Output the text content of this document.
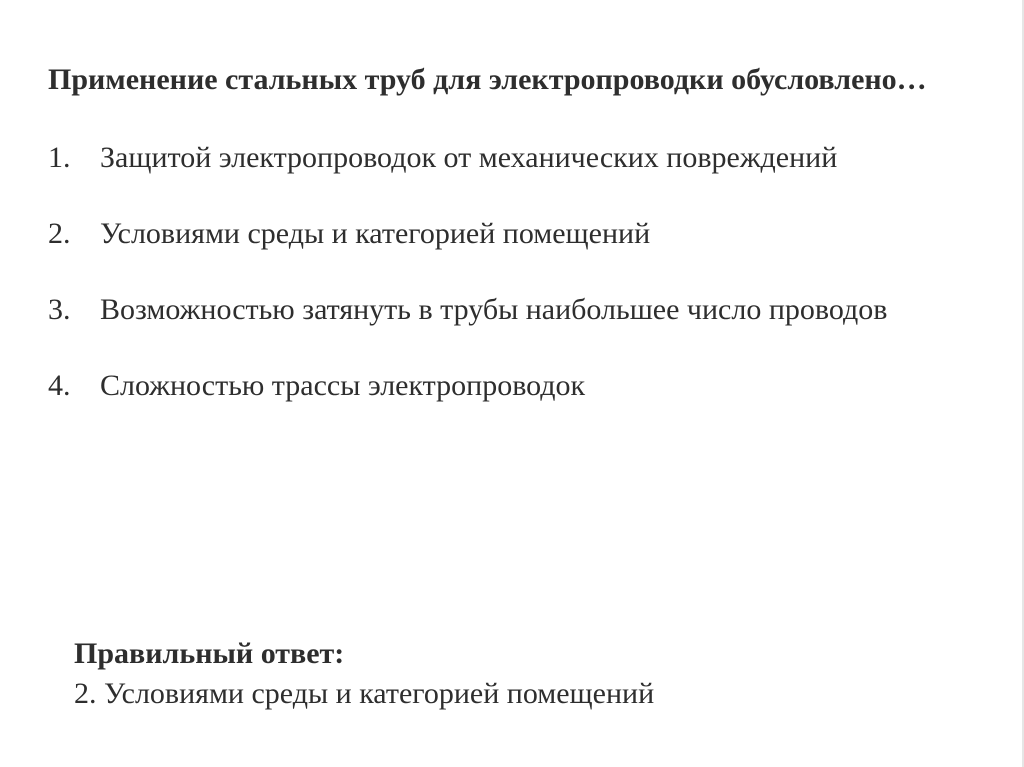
Применение стальных труб для электропроводки обусловлено…

1. Защитой электропроводок от механических повреждений
2. Условиями среды и категорией помещений
3. Возможностью затянуть в трубы наибольшее число проводов
4. Сложностью трассы электропроводок
Правильный ответ:
2. Условиями среды и категорией помещений
